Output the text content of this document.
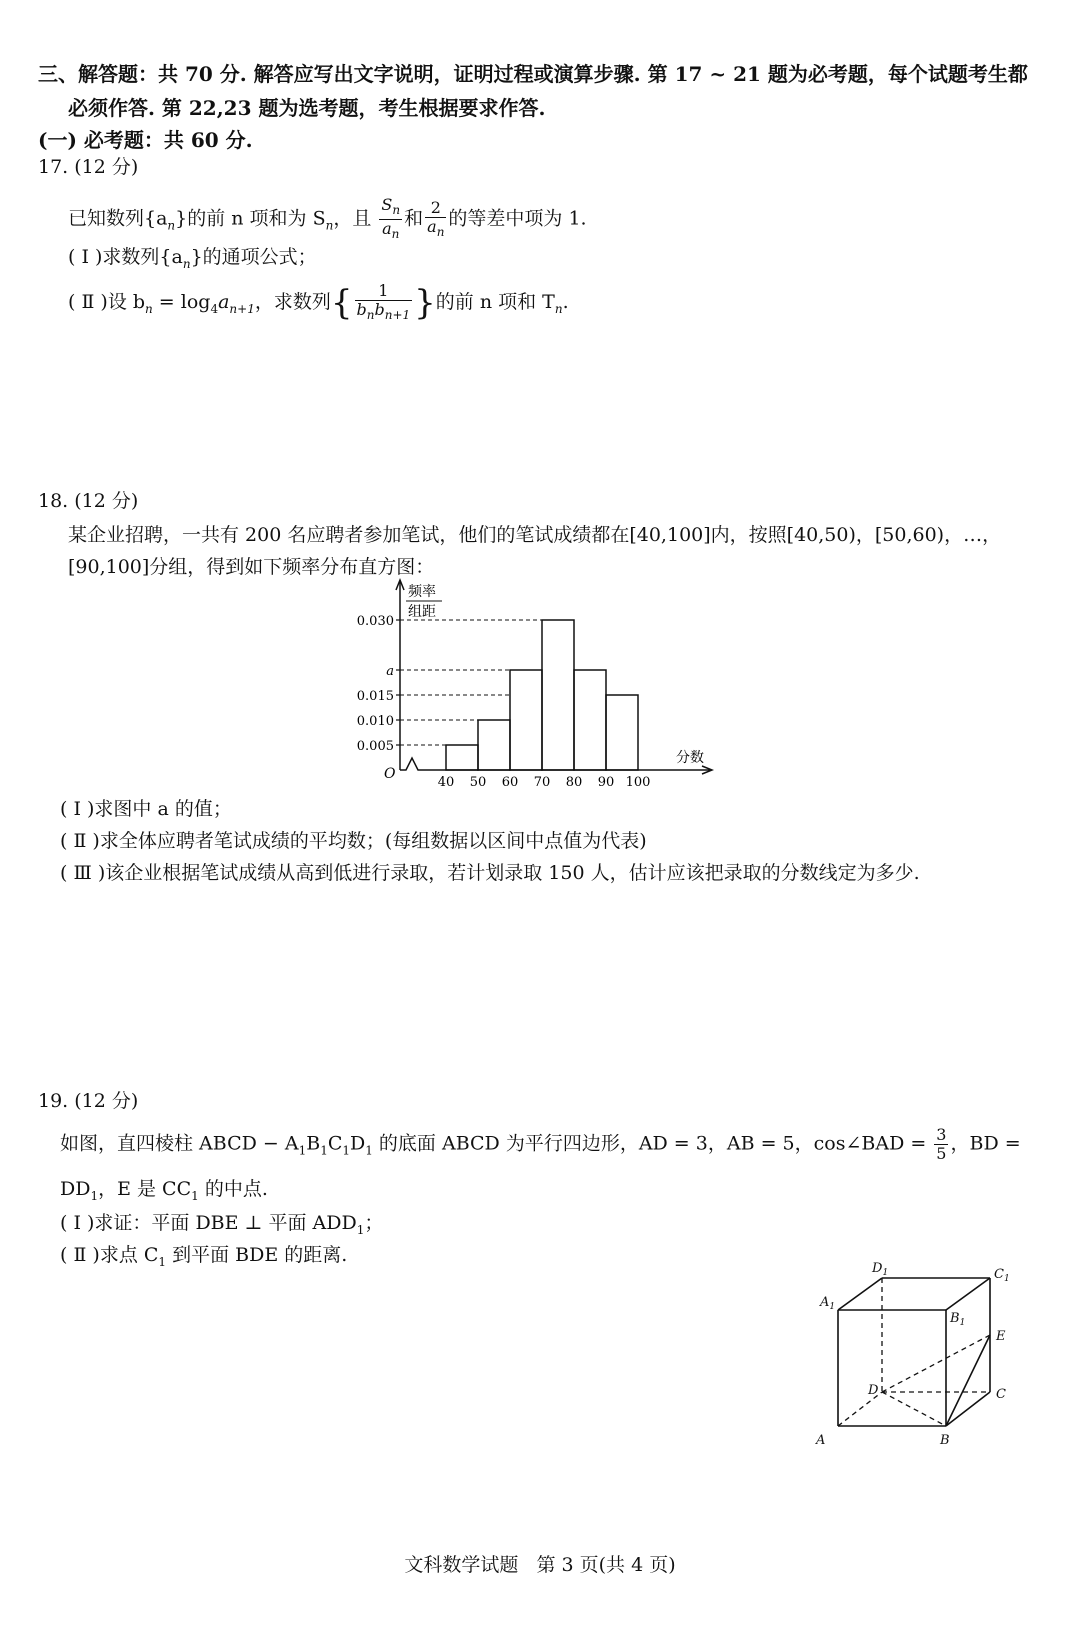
三、解答题：共 70 分. 解答应写出文字说明，证明过程或演算步骤. 第 17 ~ 21 题为必考题，每个试题考生都
必须作答. 第 22,23 题为选考题，考生根据要求作答.
(一) 必考题：共 60 分.
17. (12 分)
已知数列$\{a_n\}$的前 n 项和为 $S_n$，且 $\frac{S_n}{a_n}$ 和 $\frac{2}{a_n}$ 的等差中项为 1.
( Ⅰ )求数列$\{a_n\}$的通项公式；
( Ⅱ )设 $b_n = \log_4a_{n+1}$，求数列{ $\frac{1}{b_nb_{n+1}}$ }的前 n 项和 $T_n$.
18. (12 分)
某企业招聘，一共有 200 名应聘者参加笔试，他们的笔试成绩都在[40,100]内，按照[40,50)，[50,60)，…，
[90,100]分组，得到如下频率分布直方图：
频率
组距
分数
O
0.005
0.010
0.015
a
0.030
40 50 60 70 80 90 100
( Ⅰ )求图中 a 的值；
( Ⅱ )求全体应聘者笔试成绩的平均数；(每组数据以区间中点值为代表)
( Ⅲ )该企业根据笔试成绩从高到低进行录取，若计划录取 150 人，估计应该把录取的分数线定为多少.
19. (12 分)
如图，直四棱柱 ABCD − $A_1B_1C_1D_1$ 的底面 ABCD 为平行四边形，AD = 3，AB = 5，cos∠BAD = $\frac{3}{5}$ ，BD =
$DD_1$，E 是 $CC_1$ 的中点.
( Ⅰ )求证：平面 DBE ⊥ 平面 $ADD_1$；
( Ⅱ )求点 $C_1$ 到平面 BDE 的距离.
A	B
C
D
E
$A_1$
$B_1$
$C_1$
$D_1$
文科数学试题   第 3 页(共 4 页)
